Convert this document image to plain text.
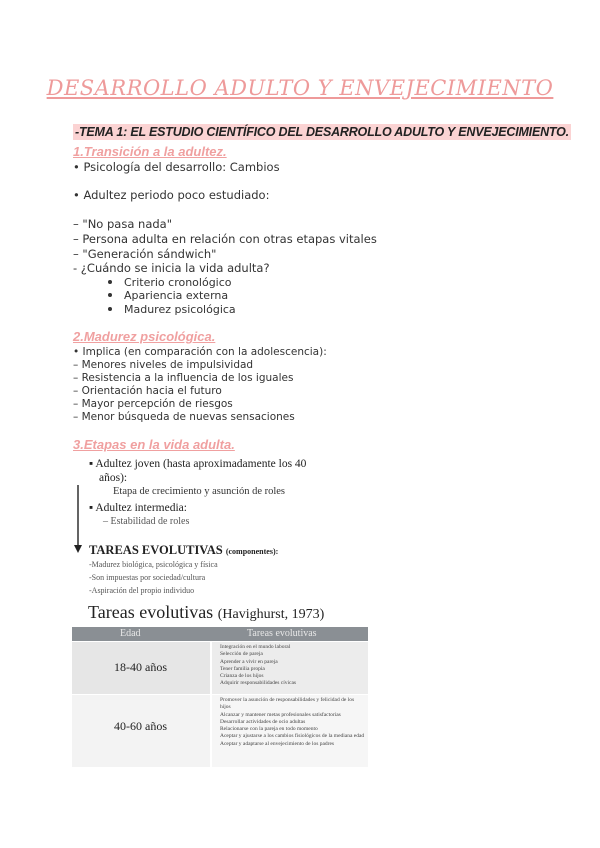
DESARROLLO ADULTO Y ENVEJECIMIENTO
-TEMA 1: EL ESTUDIO CIENTÍFICO DEL DESARROLLO ADULTO Y ENVEJECIMIENTO.
1.Transición a la adultez.
• Psicología del desarrollo: Cambios
• Adultez periodo poco estudiado:
– "No pasa nada"
– Persona adulta en relación con otras etapas vitales
– "Generación sándwich"
- ¿Cuándo se inicia la vida adulta?
Criterio cronológico
Apariencia externa
Madurez psicológica
2.Madurez psicológica.
• Implica (en comparación con la adolescencia):
– Menores niveles de impulsividad
– Resistencia a la influencia de los iguales
– Orientación hacia el futuro
– Mayor percepción de riesgos
– Menor búsqueda de nuevas sensaciones
3.Etapas en la vida adulta.
▪ Adultez joven (hasta aproximadamente los 40
años):
Etapa de crecimiento y asunción de roles
▪ Adultez intermedia:
– Estabilidad de roles
TAREAS EVOLUTIVAS (componentes):
-Madurez biológica, psicológica y física
-Son impuestas por sociedad/cultura
-Aspiración del propio individuo
Tareas evolutivas (Havighurst, 1973)
Edad	Tareas evolutivas
18-40 años
Integración en el mundo laboral
Selección de pareja
Aprender a vivir en pareja
Tener familia propia
Crianza de los hijos
Adquirir responsabilidades cívicas
40-60 años
Promover la asunción de responsabilidades y felicidad de los hijos
Alcanzar y mantener metas profesionales satisfactorias
Desarrollar actividades de ocio adultas
Relacionarse con la pareja en todo momento
Aceptar y ajustarse a los cambios fisiológicos de la mediana edad
Aceptar y adaptarse al envejecimiento de los padres
